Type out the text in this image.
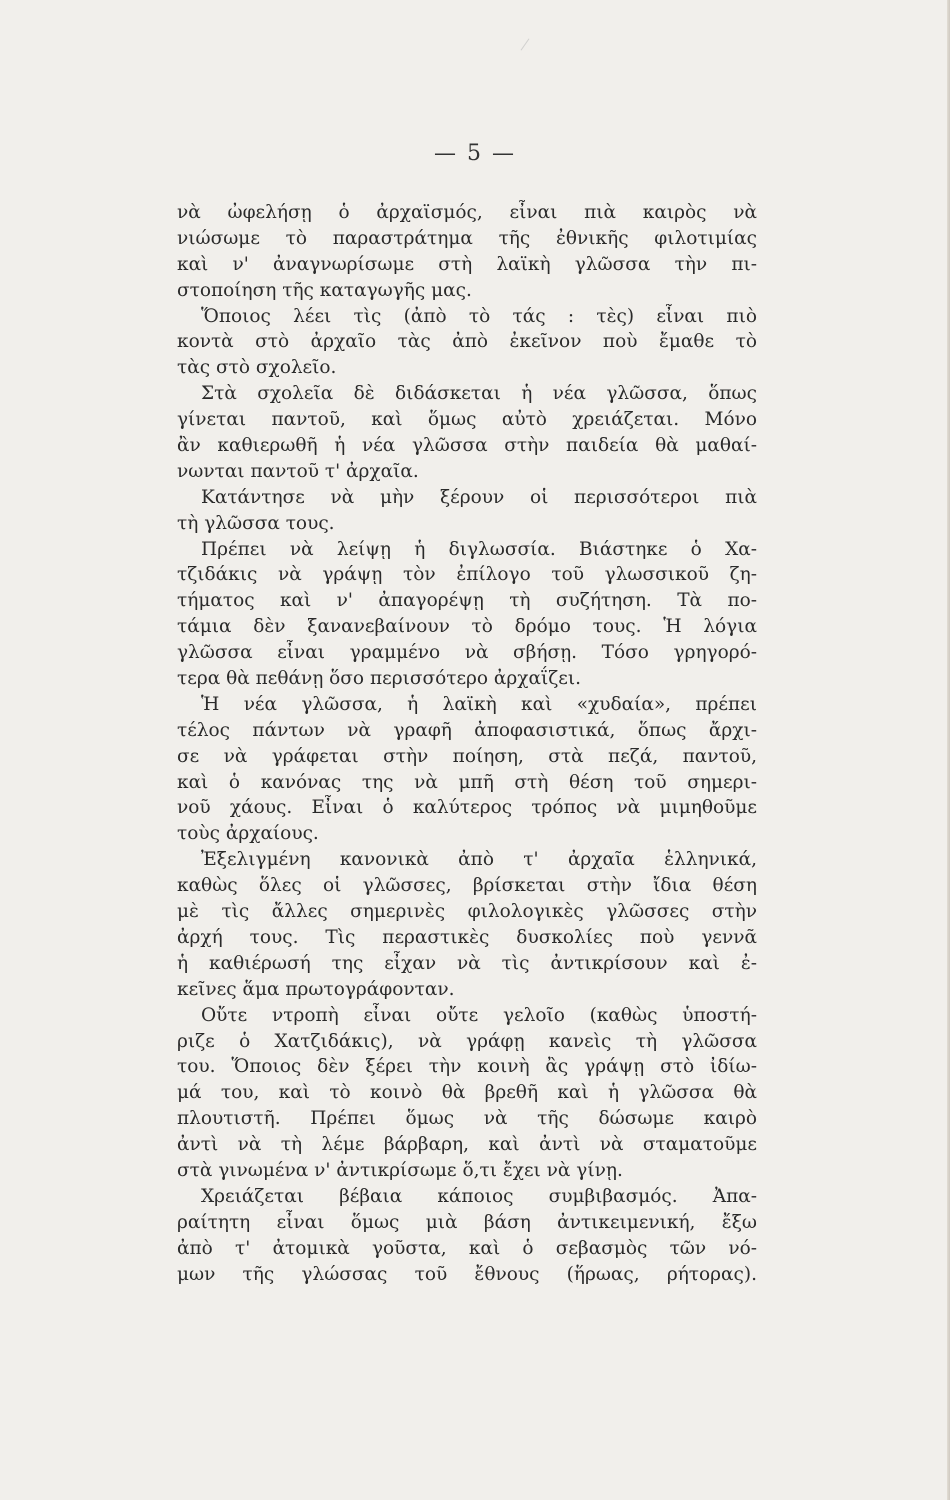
— 5 —
νὰ ὠφελήσῃ ὁ ἀρχαϊσμός, εἶναι πιὰ καιρὸς νὰ
νιώσωμε τὸ παραστράτημα τῆς ἐθνικῆς φιλοτιμίας
καὶ ν' ἀναγνωρίσωμε στὴ λαϊκὴ γλῶσσα τὴν πι-
στοποίηση τῆς καταγωγῆς μας.
Ὅποιος λέει τὶς (ἀπὸ τὸ τάς : τὲς) εἶναι πιὸ
κοντὰ στὸ ἀρχαῖο τὰς ἀπὸ ἐκεῖνον ποὺ ἔμαθε τὸ
τὰς στὸ σχολεῖο.
Στὰ σχολεῖα δὲ διδάσκεται ἡ νέα γλῶσσα, ὅπως
γίνεται παντοῦ, καὶ ὅμως αὐτὸ χρειάζεται. Μόνο
ἂν καθιερωθῆ ἡ νέα γλῶσσα στὴν παιδεία θὰ μαθαί-
νωνται παντοῦ τ' ἀρχαῖα.
Κατάντησε νὰ μὴν ξέρουν οἱ περισσότεροι πιὰ
τὴ γλῶσσα τους.
Πρέπει νὰ λείψῃ ἡ διγλωσσία. Βιάστηκε ὁ Χα-
τζιδάκις νὰ γράψῃ τὸν ἐπίλογο τοῦ γλωσσικοῦ ζη-
τήματος καὶ ν' ἀπαγορέψῃ τὴ συζήτηση. Τὰ πο-
τάμια δὲν ξανανεβαίνουν τὸ δρόμο τους. Ἡ λόγια
γλῶσσα εἶναι γραμμένο νὰ σβήσῃ. Τόσο γρηγορό-
τερα θὰ πεθάνῃ ὅσο περισσότερο ἀρχαΐζει.
Ἡ νέα γλῶσσα, ἡ λαϊκὴ καὶ «χυδαία», πρέπει
τέλος πάντων νὰ γραφῆ ἀποφασιστικά, ὅπως ἄρχι-
σε νὰ γράφεται στὴν ποίηση, στὰ πεζά, παντοῦ,
καὶ ὁ κανόνας της νὰ μπῆ στὴ θέση τοῦ σημερι-
νοῦ χάους. Εἶναι ὁ καλύτερος τρόπος νὰ μιμηθοῦμε
τοὺς ἀρχαίους.
Ἐξελιγμένη κανονικὰ ἀπὸ τ' ἀρχαῖα ἑλληνικά,
καθὼς ὅλες οἱ γλῶσσες, βρίσκεται στὴν ἴδια θέση
μὲ τὶς ἄλλες σημερινὲς φιλολογικὲς γλῶσσες στὴν
ἀρχή τους. Τὶς περαστικὲς δυσκολίες ποὺ γεννᾶ
ἡ καθιέρωσή της εἶχαν νὰ τὶς ἀντικρίσουν καὶ ἐ-
κεῖνες ἅμα πρωτογράφονταν.
Οὔτε ντροπὴ εἶναι οὔτε γελοῖο (καθὼς ὑποστή-
ριζε ὁ Χατζιδάκις), νὰ γράφῃ κανεὶς τὴ γλῶσσα
του. Ὅποιος δὲν ξέρει τὴν κοινὴ ἂς γράψῃ στὸ ἰδίω-
μά του, καὶ τὸ κοινὸ θὰ βρεθῆ καὶ ἡ γλῶσσα θὰ
πλουτιστῆ. Πρέπει ὅμως νὰ τῆς δώσωμε καιρὸ
ἀντὶ νὰ τὴ λέμε βάρβαρη, καὶ ἀντὶ νὰ σταματοῦμε
στὰ γινωμένα ν' ἀντικρίσωμε ὅ,τι ἔχει νὰ γίνῃ.
Χρειάζεται βέβαια κάποιος συμβιβασμός. Ἀπα-
ραίτητη εἶναι ὅμως μιὰ βάση ἀντικειμενική, ἔξω
ἀπὸ τ' ἀτομικὰ γοῦστα, καὶ ὁ σεβασμὸς τῶν νό-
μων τῆς γλώσσας τοῦ ἔθνους (ἥρωας, ρήτορας).
